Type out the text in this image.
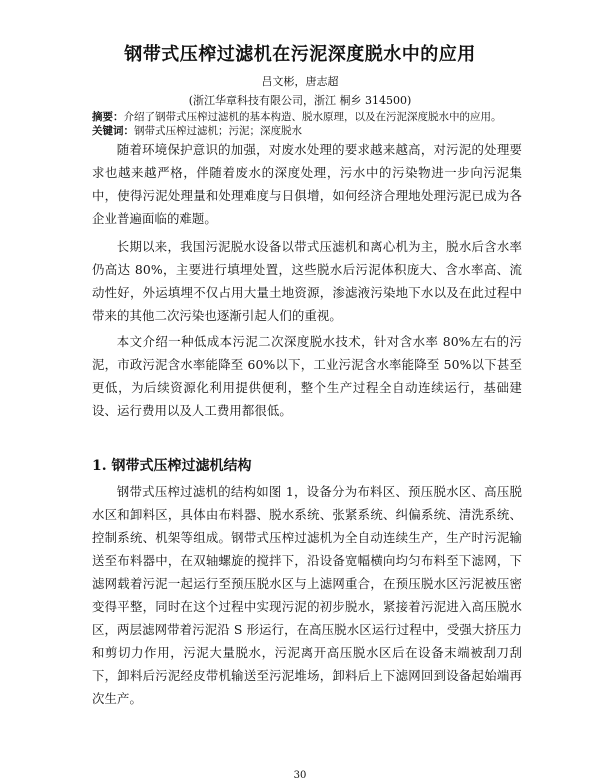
钢带式压榨过滤机在污泥深度脱水中的应用
吕文彬，唐志超
(浙江华章科技有限公司，浙江 桐乡 314500)
摘要：介绍了钢带式压榨过滤机的基本构造、脱水原理，以及在污泥深度脱水中的应用。
关键词：钢带式压榨过滤机；污泥；深度脱水

随着环境保护意识的加强，对废水处理的要求越来越高，对污泥的处理要求也越来越严格，伴随着废水的深度处理，污水中的污染物进一步向污泥集中，使得污泥处理量和处理难度与日俱增，如何经济合理地处理污泥已成为各企业普遍面临的难题。

长期以来，我国污泥脱水设备以带式压滤机和离心机为主，脱水后含水率仍高达 80%，主要进行填埋处置，这些脱水后污泥体积庞大、含水率高、流动性好，外运填埋不仅占用大量土地资源，渗滤液污染地下水以及在此过程中带来的其他二次污染也逐渐引起人们的重视。

本文介绍一种低成本污泥二次深度脱水技术，针对含水率 80%左右的污泥，市政污泥含水率能降至 60%以下，工业污泥含水率能降至 50%以下甚至更低，为后续资源化利用提供便利，整个生产过程全自动连续运行，基础建设、运行费用以及人工费用都很低。

1. 钢带式压榨过滤机结构

钢带式压榨过滤机的结构如图 1，设备分为布料区、预压脱水区、高压脱水区和卸料区，具体由布料器、脱水系统、张紧系统、纠偏系统、清洗系统、控制系统、机架等组成。钢带式压榨过滤机为全自动连续生产，生产时污泥输送至布料器中，在双轴螺旋的搅拌下，沿设备宽幅横向均匀布料至下滤网，下滤网载着污泥一起运行至预压脱水区与上滤网重合，在预压脱水区污泥被压密变得平整，同时在这个过程中实现污泥的初步脱水，紧接着污泥进入高压脱水区，两层滤网带着污泥沿 S 形运行，在高压脱水区运行过程中，受强大挤压力和剪切力作用，污泥大量脱水，污泥离开高压脱水区后在设备末端被刮刀刮下，卸料后污泥经皮带机输送至污泥堆场，卸料后上下滤网回到设备起始端再次生产。

30
